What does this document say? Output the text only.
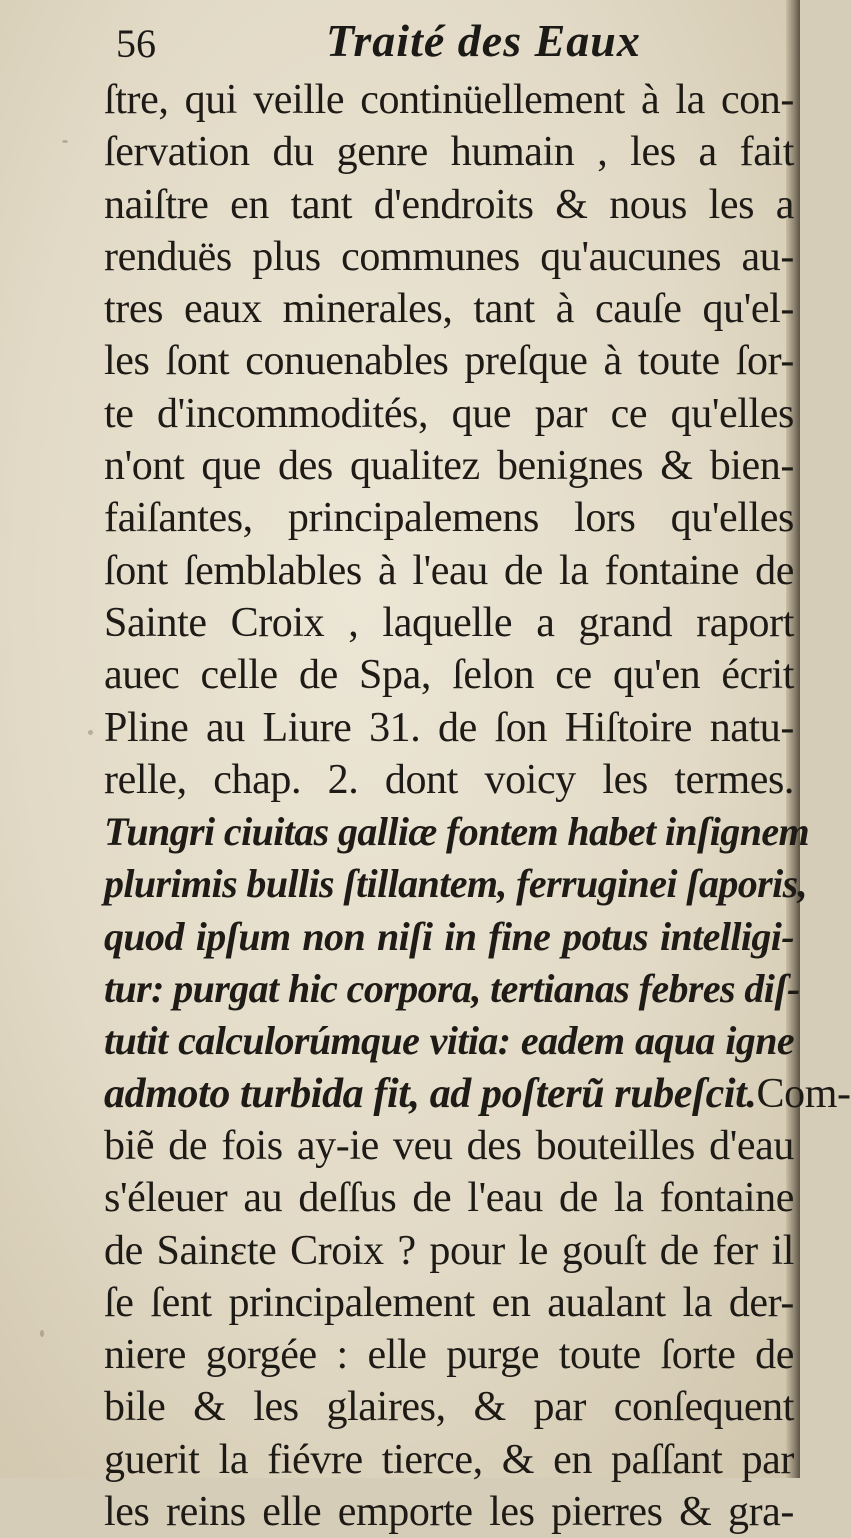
56	Traité des Eaux
ſtre, qui veille continüellement à la con-
ſervation du genre humain , les a fait
naiſtre en tant d'endroits & nous les a
renduës plus communes qu'aucunes au-
tres eaux minerales, tant à cauſe qu'el-
les ſont conuenables preſque à toute ſor-
te d'incommodités, que par ce qu'elles
n'ont que des qualitez benignes & bien-
faiſantes, principalemens lors qu'elles
ſont ſemblables à l'eau de la fontaine de
Sainte Croix , laquelle a grand raport
auec celle de Spa, ſelon ce qu'en écrit
Pline au Liure 31. de ſon Hiſtoire natu-
relle, chap. 2. dont voicy les termes.
Tungri ciuitas galliæ fontem habet inſignem
plurimis bullis ſtillantem, ferruginei ſaporis,
quod ipſum non niſi in fine potus intelligi-
tur: purgat hic corpora, tertianas febres diſ-
tutit calculorúmque vitia: eadem aqua igne
admoto turbida fit, ad poſterũ rubeſcit.Com-
biẽ de fois ay-ie veu des bouteilles d'eau
s'éleuer au deſſus de l'eau de la fontaine
de Sainɛte Croix ? pour le gouſt de fer il
ſe ſent principalement en aualant la der-
niere gorgée : elle purge toute ſorte de
bile & les glaires, & par conſequent
guerit la fiévre tierce, & en paſſant par
les reins elle emporte les pierres & gra-
